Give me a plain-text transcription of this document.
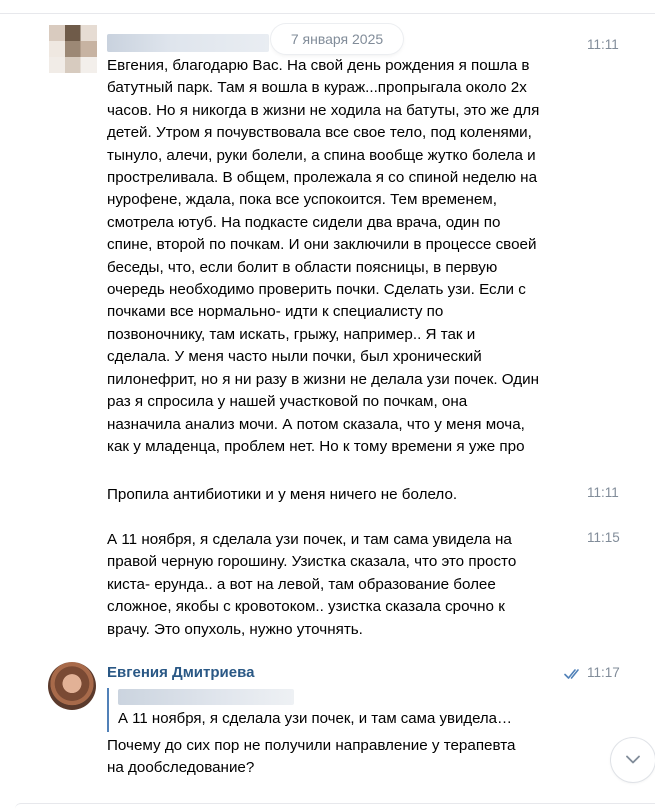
7 января 2025	11:11
Евгения, благодарю Вас. На свой день рождения я пошла в
батутный парк. Там я вошла в кураж...пропрыгала около 2х
часов. Но я никогда в жизни не ходила на батуты, это же для
детей. Утром я почувствовала все свое тело, под коленями,
тынуло, алечи, руки болели, а спина вообще жутко болела и
простреливала. В общем, пролежала я со спиной неделю на
нурофене, ждала, пока все успокоится. Тем временем,
смотрела ютуб. На подкасте сидели два врача, один по
спине, второй по почкам. И они заключили в процессе своей
беседы, что, если болит в области поясницы, в первую
очередь необходимо проверить почки. Сделать узи. Если с
почками все нормально- идти к специалисту по
позвоночнику, там искать, грыжу, например.. Я так и
сделала. У меня часто ныли почки, был хронический
пилонефрит, но я ни разу в жизни не делала узи почек. Один
раз я спросила у нашей участковой по почкам, она
назначила анализ мочи. А потом сказала, что у меня моча,
как у младенца, проблем нет. Но к тому времени я уже про
11:11
Пропила антибиотики и у меня ничего не болело.
11:15
А 11 ноября, я сделала узи почек, и там сама увидела на
правой черную горошину. Узистка сказала, что это просто
киста- ерунда.. а вот на левой, там образование более
сложное, якобы с кровотоком.. узистка сказала срочно к
врачу. Это опухоль, нужно уточнять.
Евгения Дмитриева	11:17
А 11 ноября, я сделала узи почек, и там сама увидела…
Почему до сих пор не получили направление у терапевта
на дообследование?
